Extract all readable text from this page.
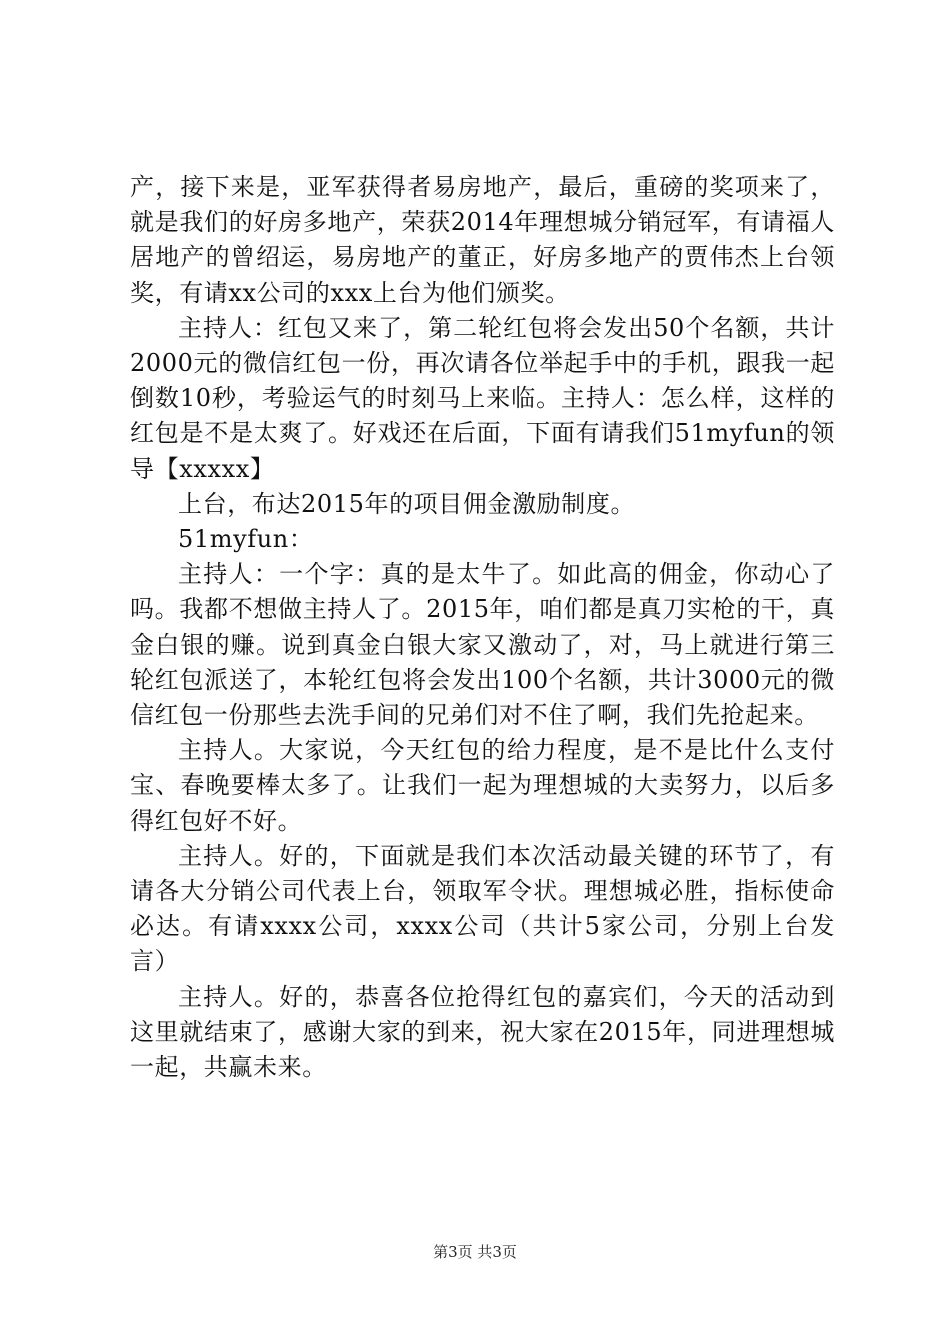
产，接下来是，亚军获得者易房地产，最后，重磅的奖项来了，就是我们的好房多地产，荣获2014年理想城分销冠军，有请福人居地产的曾绍运，易房地产的董正，好房多地产的贾伟杰上台领奖，有请xx公司的xxx上台为他们颁奖。

主持人：红包又来了，第二轮红包将会发出50个名额，共计2000元的微信红包一份，再次请各位举起手中的手机，跟我一起倒数10秒，考验运气的时刻马上来临。主持人：怎么样，这样的红包是不是太爽了。好戏还在后面，下面有请我们51myfun的领导【xxxxx】

上台，布达2015年的项目佣金激励制度。

51myfun：

主持人：一个字：真的是太牛了。如此高的佣金，你动心了吗。我都不想做主持人了。2015年，咱们都是真刀实枪的干，真金白银的赚。说到真金白银大家又激动了，对，马上就进行第三轮红包派送了，本轮红包将会发出100个名额，共计3000元的微信红包一份那些去洗手间的兄弟们对不住了啊，我们先抢起来。

主持人。大家说，今天红包的给力程度，是不是比什么支付宝、春晚要棒太多了。让我们一起为理想城的大卖努力，以后多得红包好不好。

主持人。好的，下面就是我们本次活动最关键的环节了，有请各大分销公司代表上台，领取军令状。理想城必胜，指标使命必达。有请xxxx公司，xxxx公司（共计5家公司，分别上台发言）

主持人。好的，恭喜各位抢得红包的嘉宾们，今天的活动到这里就结束了，感谢大家的到来，祝大家在2015年，同进理想城一起，共赢未来。

第3页 共3页
